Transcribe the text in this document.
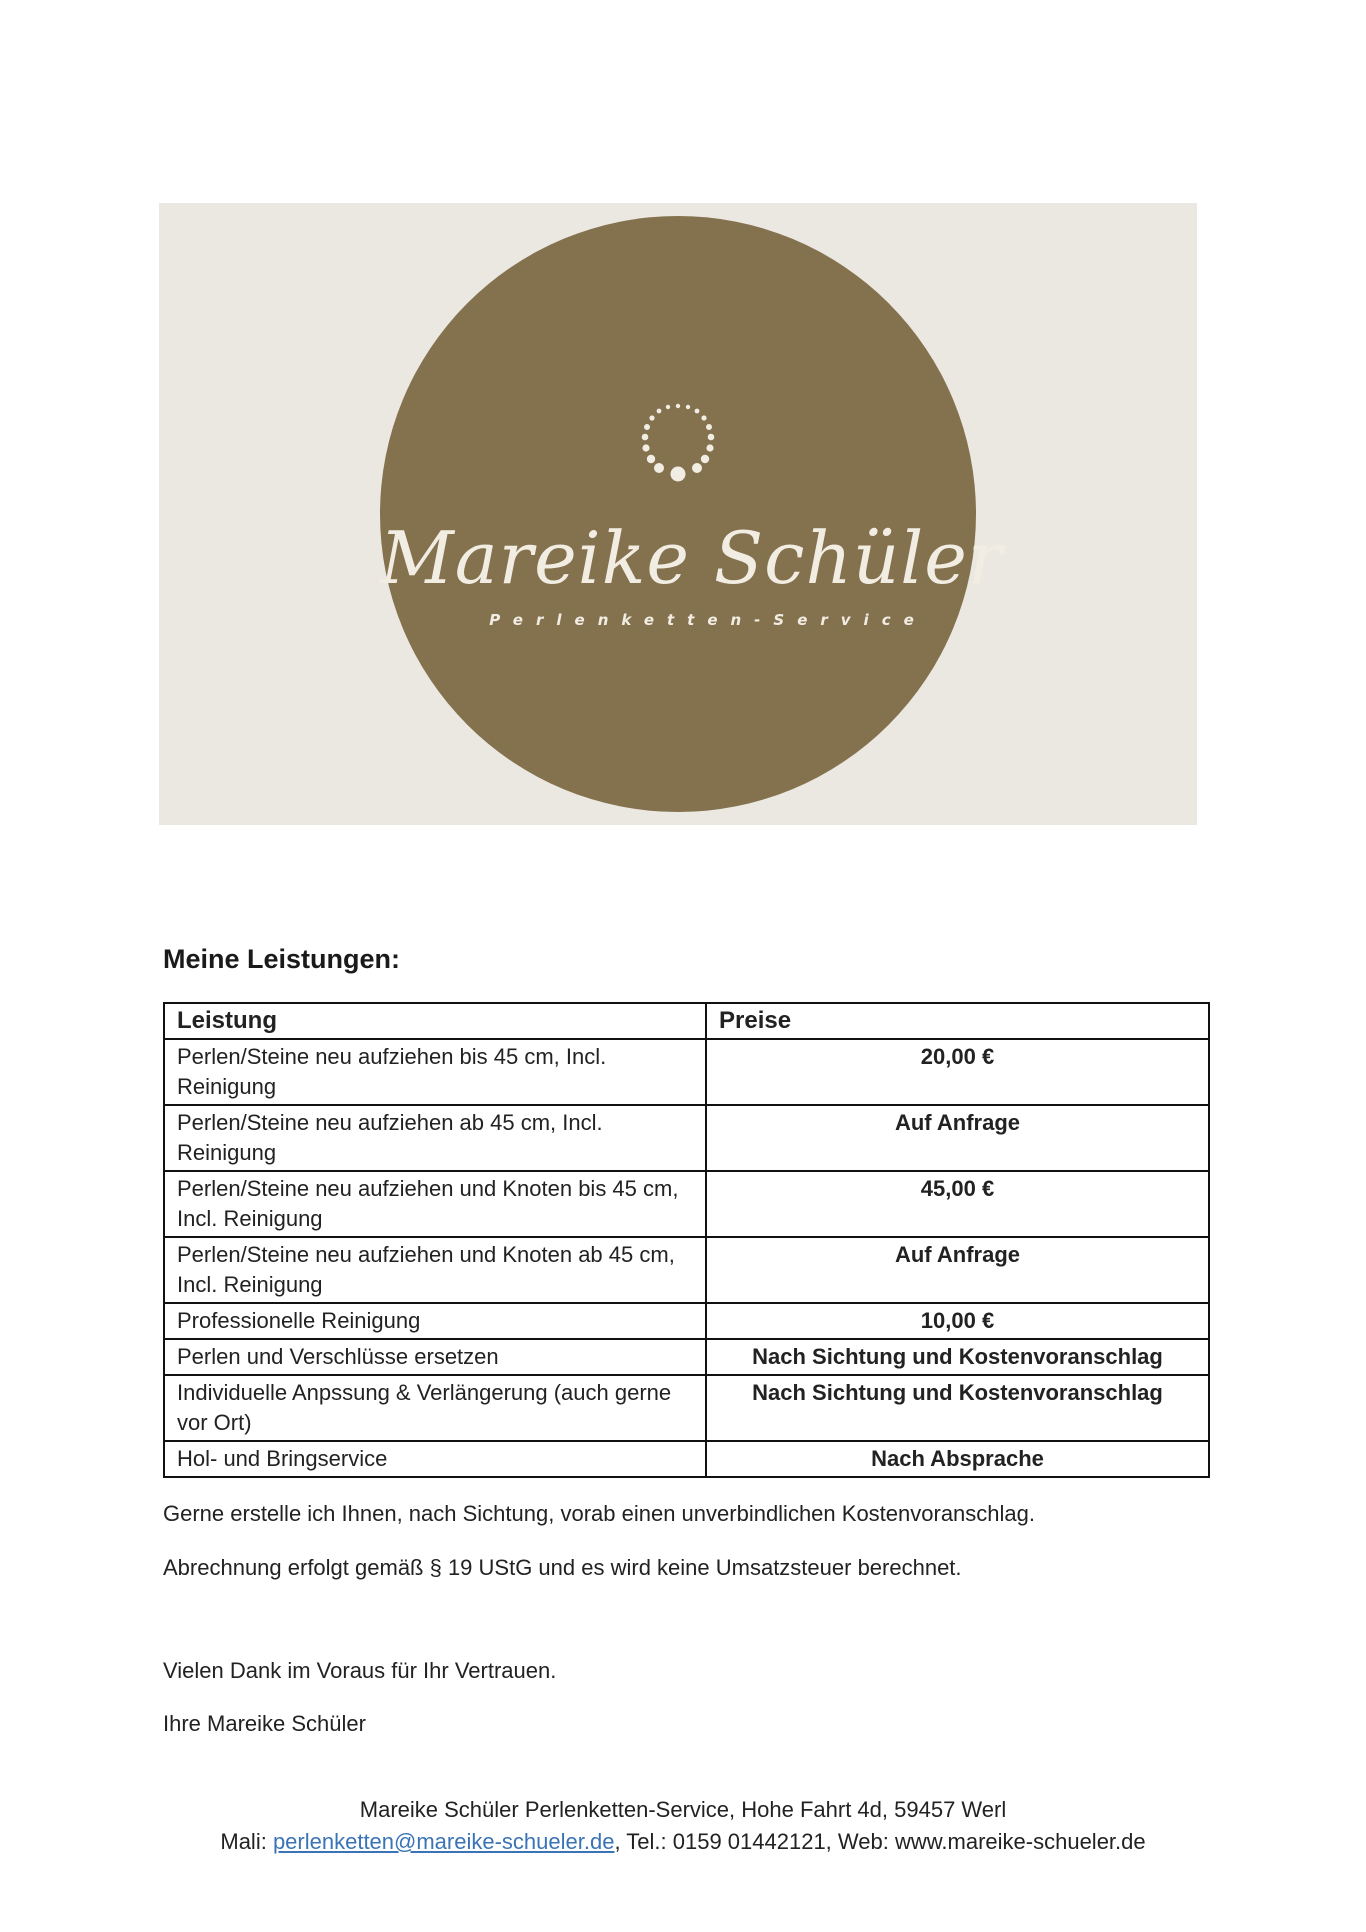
Mareike Schüler
Perlenketten-Service
Meine Leistungen:
Leistung	Preise
Perlen/Steine neu aufziehen bis 45 cm, Incl. Reinigung	20,00 €
Perlen/Steine neu aufziehen ab 45 cm, Incl. Reinigung	Auf Anfrage
Perlen/Steine neu aufziehen und Knoten bis 45 cm, Incl. Reinigung	45,00 €
Perlen/Steine neu aufziehen und Knoten ab 45 cm, Incl. Reinigung	Auf Anfrage
Professionelle Reinigung	10,00 €
Perlen und Verschlüsse ersetzen	Nach Sichtung und Kostenvoranschlag
Individuelle Anpssung & Verlängerung (auch gerne vor Ort)	Nach Sichtung und Kostenvoranschlag
Hol- und Bringservice	Nach Absprache

Gerne erstelle ich Ihnen, nach Sichtung, vorab einen unverbindlichen Kostenvoranschlag.

Abrechnung erfolgt gemäß § 19 UStG und es wird keine Umsatzsteuer berechnet.

Vielen Dank im Voraus für Ihr Vertrauen.

Ihre Mareike Schüler

Mareike Schüler Perlenketten-Service, Hohe Fahrt 4d, 59457 Werl

Mali: perlenketten@mareike-schueler.de, Tel.: 0159 01442121, Web: www.mareike-schueler.de
